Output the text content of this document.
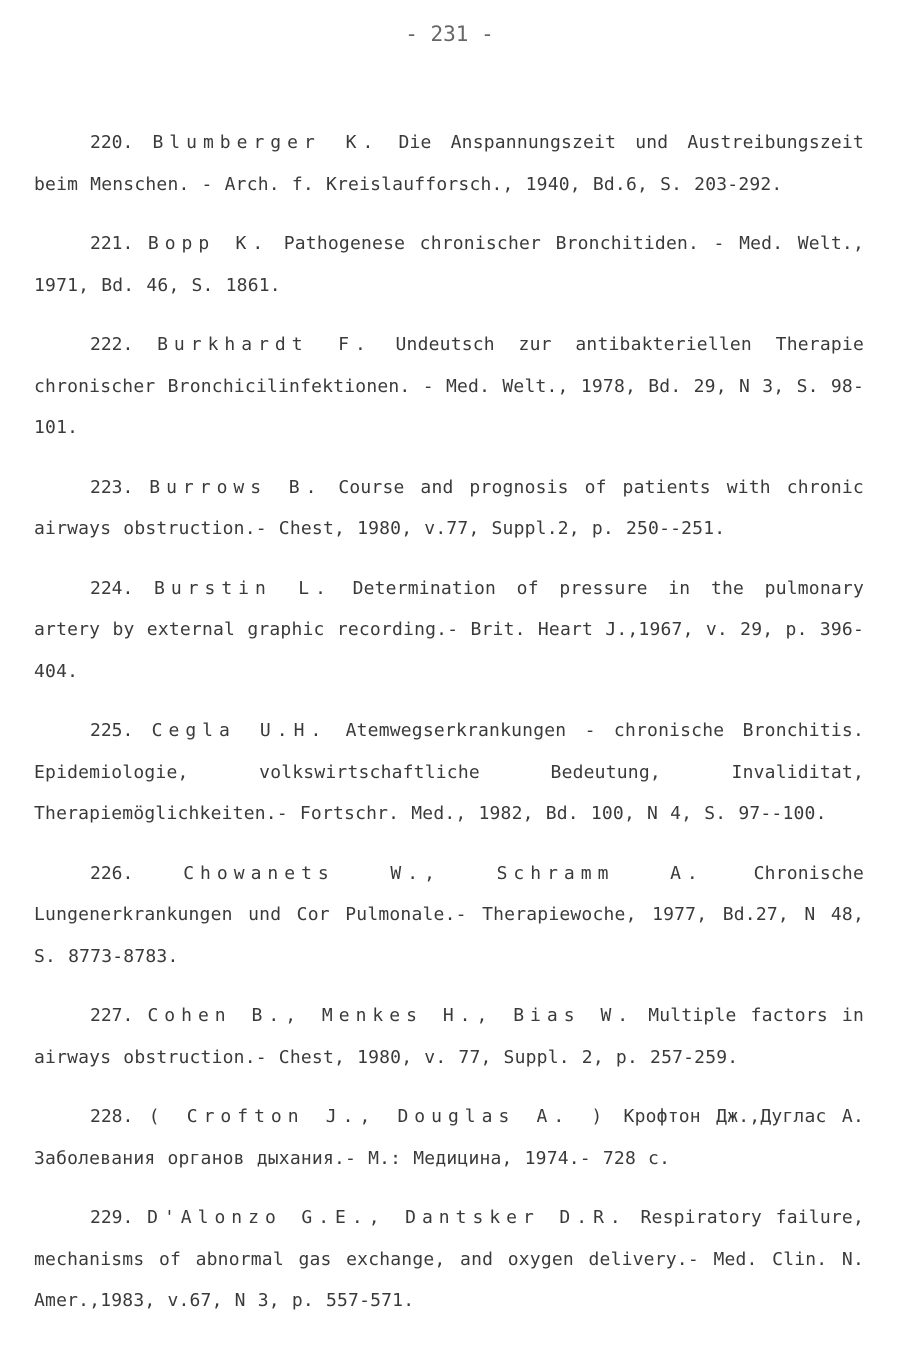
- 231 -

220. Blumberger K. Die Anspannungszeit und Austreibungszeit beim Menschen. - Arch. f. Kreislaufforsch., 1940, Bd.6, S. 203-292.

221. Bopp K. Pathogenese chronischer Bronchitiden. - Med. Welt., 1971, Bd. 46, S. 1861.

222. Burkhardt F. Undeutsch zur antibakteriellen Therapie chronischer Bronchicilinfektionen. - Med. Welt., 1978, Bd. 29, N 3, S. 98-101.

223. Burrows B. Course and prognosis of patients with chronic airways obstruction.- Chest, 1980, v.77, Suppl.2, p. 250--251.

224. Burstin L. Determination of pressure in the pulmonary artery by external graphic recording.- Brit. Heart J.,1967, v. 29, p. 396-404.

225. Cegla U.H. Atemwegserkrankungen - chronische Bronchitis. Epidemiologie, volkswirtschaftliche Bedeutung, Invaliditat, Therapiemöglichkeiten.- Fortschr. Med., 1982, Bd. 100, N 4, S. 97--100.

226.	Chowanets W., Schramm A.	Chronische Lungenerkrankungen und Cor Pulmonale.- Therapiewoche, 1977, Bd.27, N 48, S. 8773-8783.

227. Cohen B., Menkes H., Bias W. Multiple factors in airways obstruction.- Chest, 1980, v. 77, Suppl. 2, p. 257-259.

228. ( Crofton J., Douglas A. ) Крофтон Дж.,Дуглас А. Заболевания органов дыхания.- М.: Медицина, 1974.- 728 с.

229. D'Alonzo G.E., Dantsker D.R. Respiratory failure, mechanisms of abnormal gas exchange, and oxygen delivery.- Med. Clin. N. Amer.,1983, v.67, N 3, p. 557-571.
